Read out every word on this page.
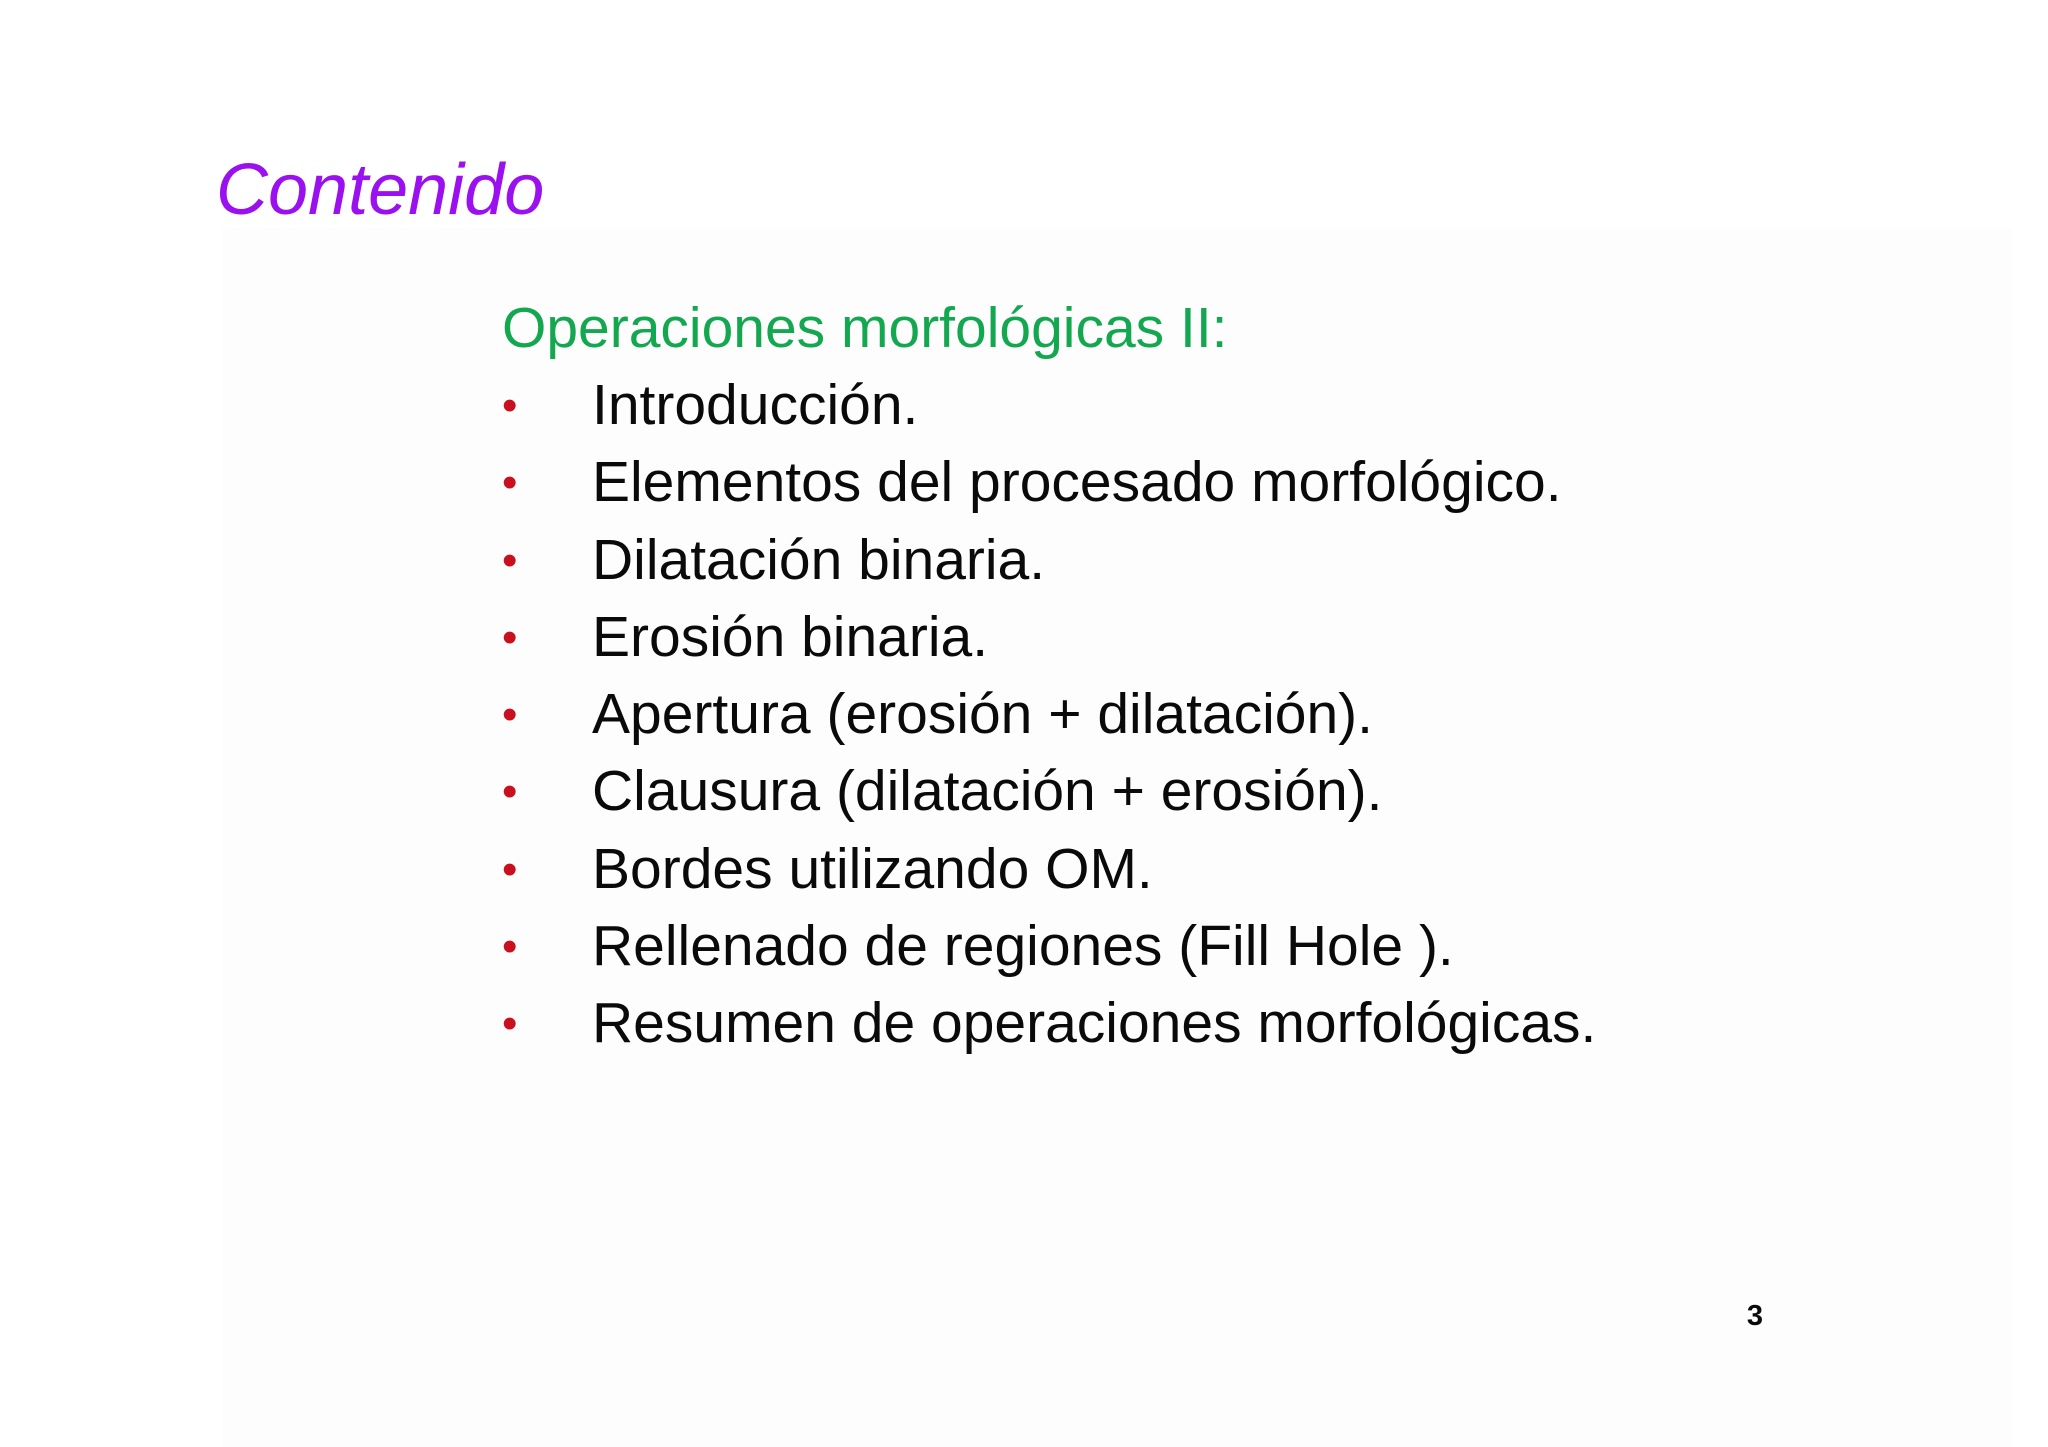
Contenido
Operaciones morfológicas II:
• Introducción.
• Elementos del procesado morfológico.
• Dilatación binaria.
• Erosión binaria.
• Apertura (erosión + dilatación).
• Clausura (dilatación + erosión).
• Bordes utilizando OM.
• Rellenado de regiones (Fill Hole ).
• Resumen de operaciones morfológicas.
3
